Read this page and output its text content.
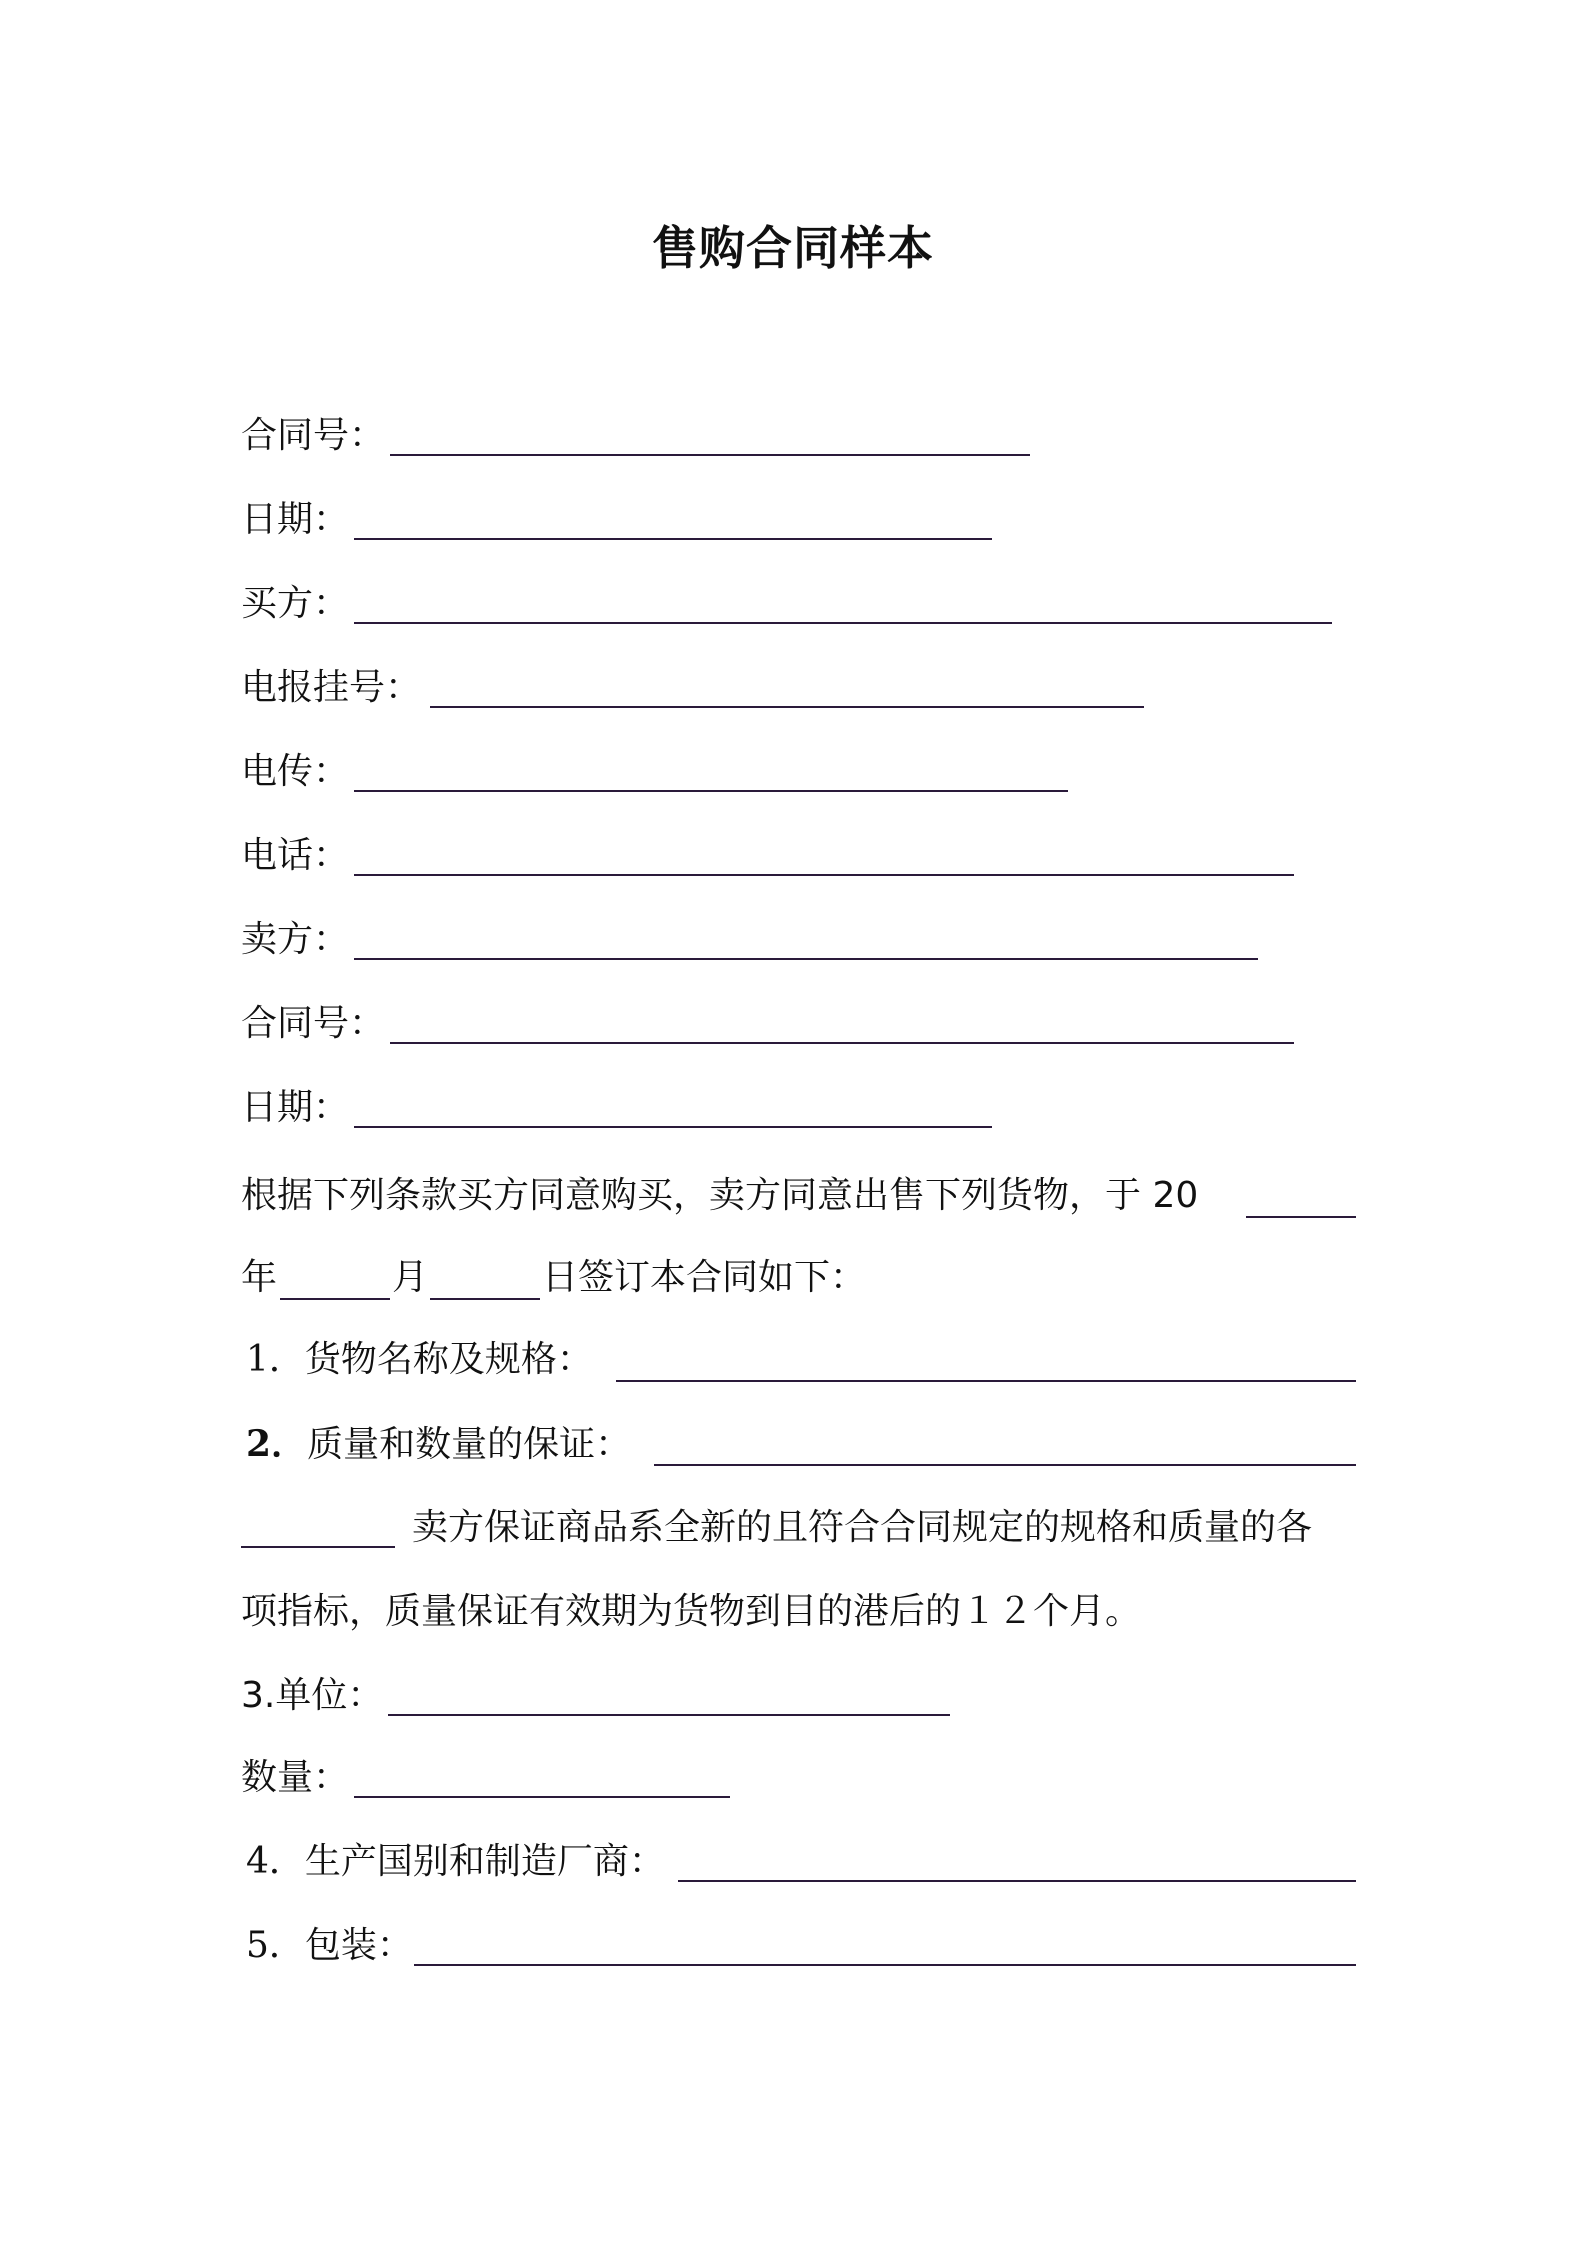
售购合同样本
合同号：
日期：
买方：
电报挂号：
电传：
电话：
卖方：
合同号：
日期：
根据下列条款买方同意购买，卖方同意出售下列货物，于 20
年	月	日签订本合同如下：
1．货物名称及规格：
2．质量和数量的保证：
卖方保证商品系全新的且符合合同规定的规格和质量的各
项指标，质量保证有效期为货物到目的港后的１２个月。
3.单位：
数量：
4．生产国别和制造厂商：
5．包装：
